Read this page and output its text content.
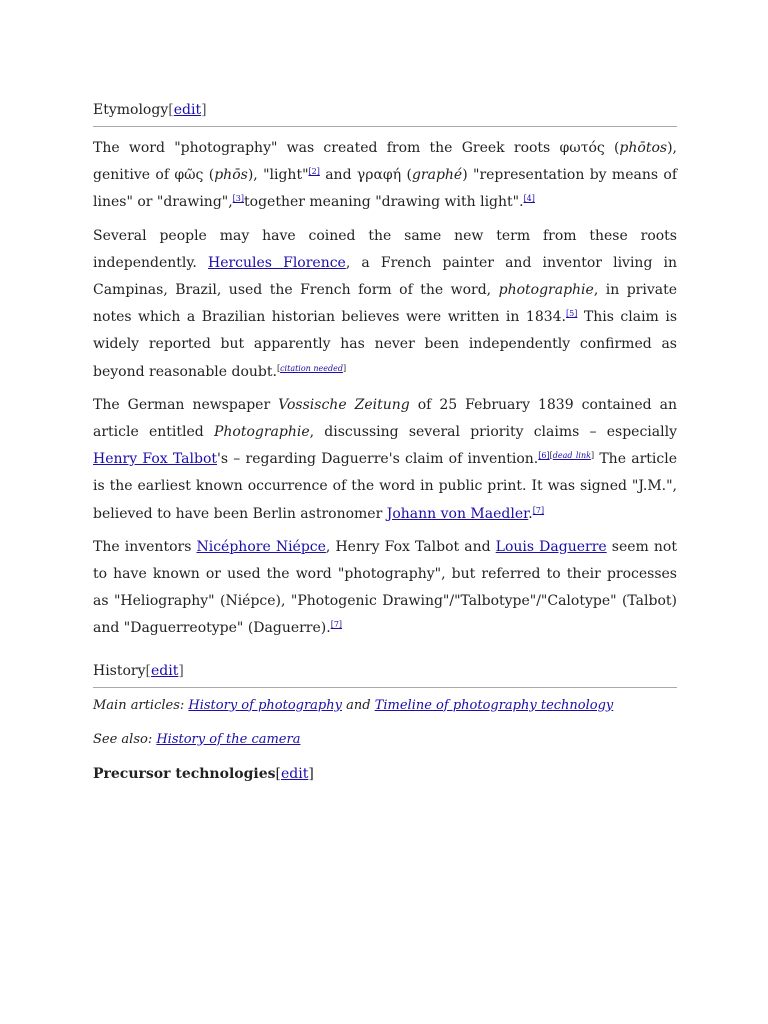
Etymology[edit]

The word "photography" was created from the Greek roots φωτός (phōtos), genitive of φῶς (phōs), "light"[2] and γραφή (graphé) "representation by means of lines" or "drawing",[3]together meaning "drawing with light".[4]

Several people may have coined the same new term from these roots independently. Hercules Florence, a French painter and inventor living in Campinas, Brazil, used the French form of the word, photographie, in private notes which a Brazilian historian believes were written in 1834.[5] This claim is widely reported but apparently has never been independently confirmed as beyond reasonable doubt.[citation needed]

The German newspaper Vossische Zeitung of 25 February 1839 contained an article entitled Photographie, discussing several priority claims – especially Henry Fox Talbot's – regarding Daguerre's claim of invention.[6][dead link] The article is the earliest known occurrence of the word in public print. It was signed "J.M.", believed to have been Berlin astronomer Johann von Maedler.[7]

The inventors Nicéphore Niépce, Henry Fox Talbot and Louis Daguerre seem not to have known or used the word "photography", but referred to their processes as "Heliography" (Niépce), "Photogenic Drawing"/"Talbotype"/"Calotype" (Talbot) and "Daguerreotype" (Daguerre).[7]

History[edit]
Main articles: History of photography and Timeline of photography technology
See also: History of the camera
Precursor technologies[edit]
